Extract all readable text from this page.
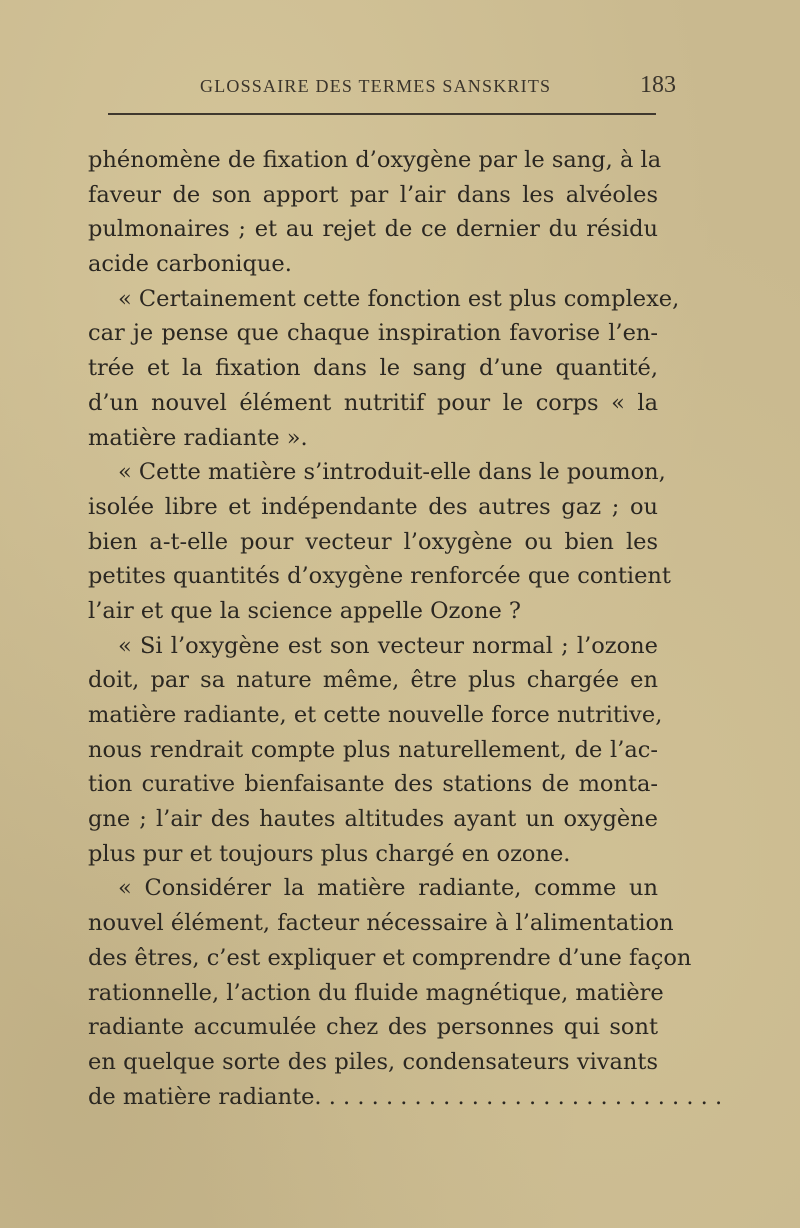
GLOSSAIRE DES TERMES SANSKRITS	183
phénomène de fixation d’oxygène par le sang, à la
faveur de son apport par l’air dans les alvéoles
pulmonaires ; et au rejet de ce dernier du résidu
acide carbonique.
« Certainement cette fonction est plus complexe,
car je pense que chaque inspiration favorise l’en-
trée et la fixation dans le sang d’une quantité,
d’un nouvel élément nutritif pour le corps « la
matière radiante ».
« Cette matière s’introduit-elle dans le poumon,
isolée libre et indépendante des autres gaz ; ou
bien a-t-elle pour vecteur l’oxygène ou bien les
petites quantités d’oxygène renforcée que contient
l’air et que la science appelle Ozone ?
« Si l’oxygène est son vecteur normal ; l’ozone
doit, par sa nature même, être plus chargée en
matière radiante, et cette nouvelle force nutritive,
nous rendrait compte plus naturellement, de l’ac-
tion curative bienfaisante des stations de monta-
gne ; l’air des hautes altitudes ayant un oxygène
plus pur et toujours plus chargé en ozone.
« Considérer la matière radiante, comme un
nouvel élément, facteur nécessaire à l’alimentation
des êtres, c’est expliquer et comprendre d’une façon
rationnelle, l’action du fluide magnétique, matière
radiante accumulée chez des personnes qui sont
en quelque sorte des piles, condensateurs vivants
de matière radiante. . . . . . . . . . . . . . . . . . . . . . . . . . . . .
